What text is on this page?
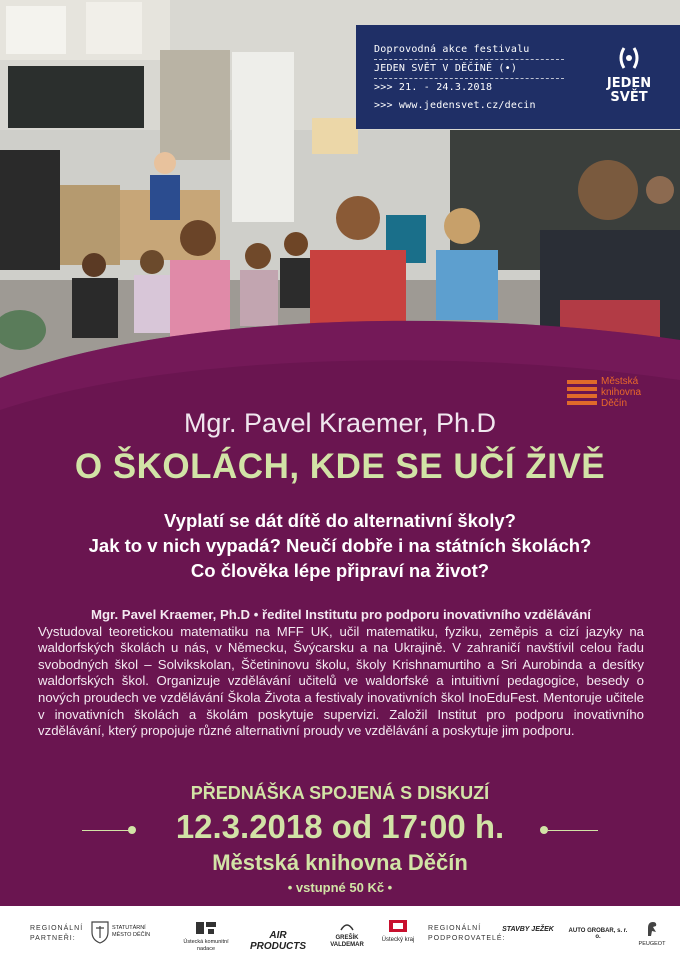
Doprovodná akce festivalu
JEDEN SVĚT V DĚČÍNĚ (•)
>>> 21. - 24.3.2018
>>> www.jedensvet.cz/decin
JEDEN
SVĚT
Městská
knihovna
Děčín
Mgr. Pavel Kraemer, Ph.D
O ŠKOLÁCH, KDE SE UČÍ ŽIVĚ
Vyplatí se dát dítě do alternativní školy?
Jak to v nich vypadá? Neučí dobře i na státních školách?
Co člověka lépe připraví na život?
Mgr. Pavel Kraemer, Ph.D • ředitel Institutu pro podporu inovativního vzdělávání
Vystudoval teoretickou matematiku na MFF UK, učil matematiku, fyziku, zeměpis a cizí jazyky na waldorfských školách u nás, v Německu, Švýcarsku a na Ukrajině. V zahraničí navštívil celou řadu svobodných škol – Solvikskolan, Ščetininovu školu, školy Krishnamurtiho a Sri Aurobinda a desítky waldorfských škol. Organizuje vzdělávání učitelů ve waldorfské a intuitivní pedagogice, besedy o nových proudech ve vzdělávání Škola Života a festivaly inovativních škol InoEduFest. Mentoruje učitele v inovativních školách a školám poskytuje supervizi. Založil Institut pro podporu inovativního vzdělávání, který propojuje různé alternativní proudy ve vzdělávání a poskytuje jim podporu.
PŘEDNÁŠKA SPOJENÁ S DISKUZÍ
12.3.2018 od 17:00 h.
Městská knihovna Děčín
• vstupné 50 Kč •
REGIONÁLNÍ
PARTNEŘI:
STATUTÁRNÍ MĚSTO DĚČÍN
Ústecká komunitní nadace
AIR PRODUCTS
GREŠÍK VALDEMAR
Ústecký kraj
REGIONÁLNÍ
PODPOROVATELÉ:
STAVBY JEŽEK	AUTO GROBAR, s. r. o.
PEUGEOT
